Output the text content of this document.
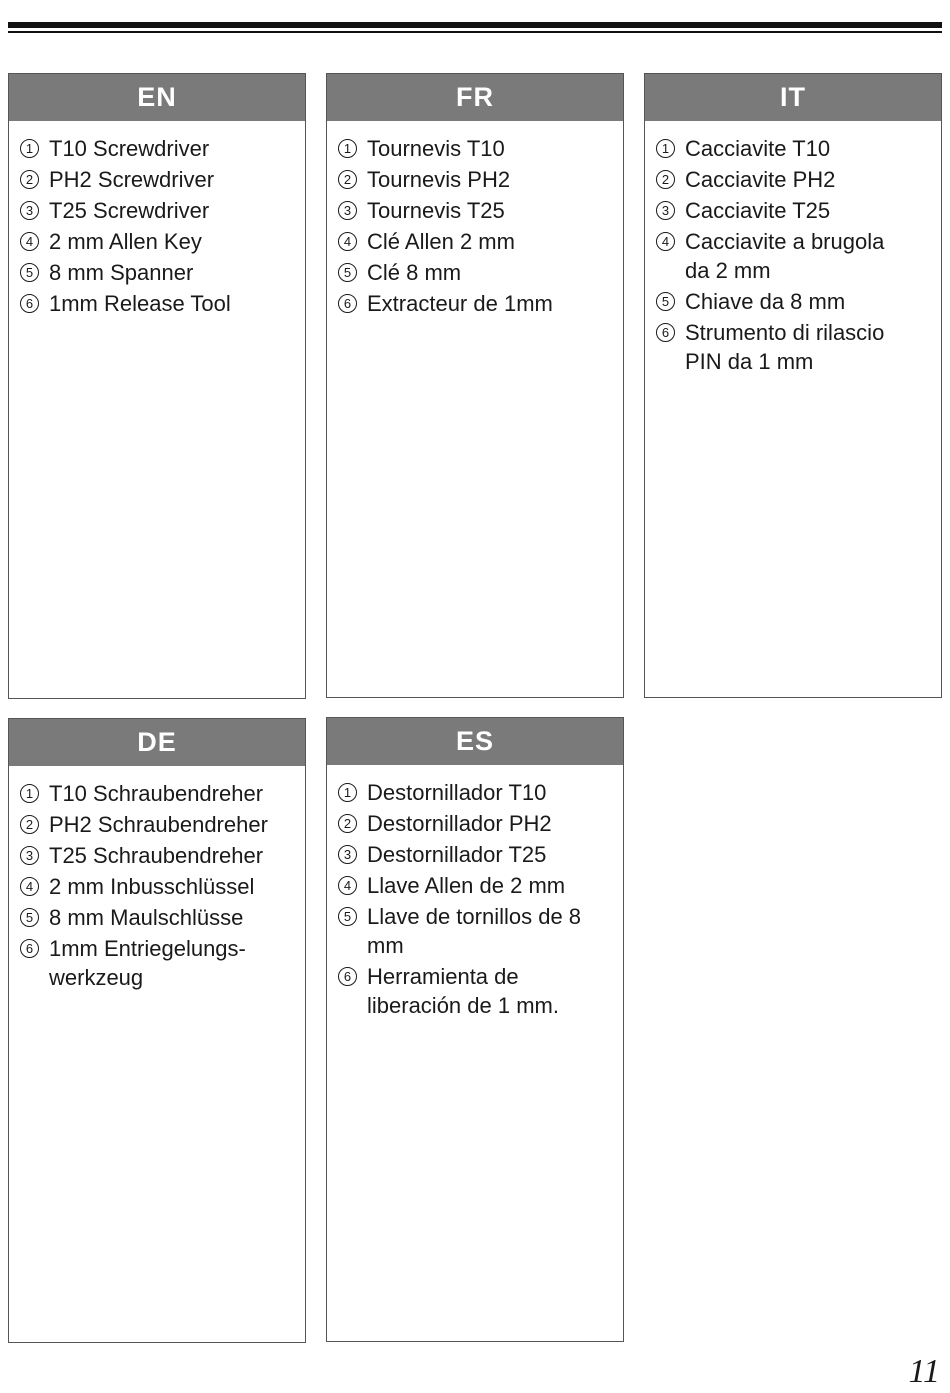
EN
1 T10 Screwdriver
2 PH2 Screwdriver
3 T25 Screwdriver
4 2 mm Allen Key
5 8 mm Spanner
6 1mm Release Tool
FR
1 Tournevis T10
2 Tournevis PH2
3 Tournevis T25
4 Clé Allen 2 mm
5 Clé 8 mm
6 Extracteur de 1mm
IT
1 Cacciavite T10
2 Cacciavite PH2
3 Cacciavite T25
4 Cacciavite a brugola da 2 mm
5 Chiave da 8 mm
6 Strumento di rilascio PIN da 1 mm
DE
1 T10 Schraubendreher
2 PH2 Schraubendreher
3 T25 Schraubendreher
4 2 mm Inbusschlüssel
5 8 mm Maulschlüsse
6 1mm Entriegelungs-werkzeug
ES
1 Destornillador T10
2 Destornillador PH2
3 Destornillador T25
4 Llave Allen de 2 mm
5 Llave de tornillos de 8 mm
6 Herramienta de liberación de 1 mm.
11
